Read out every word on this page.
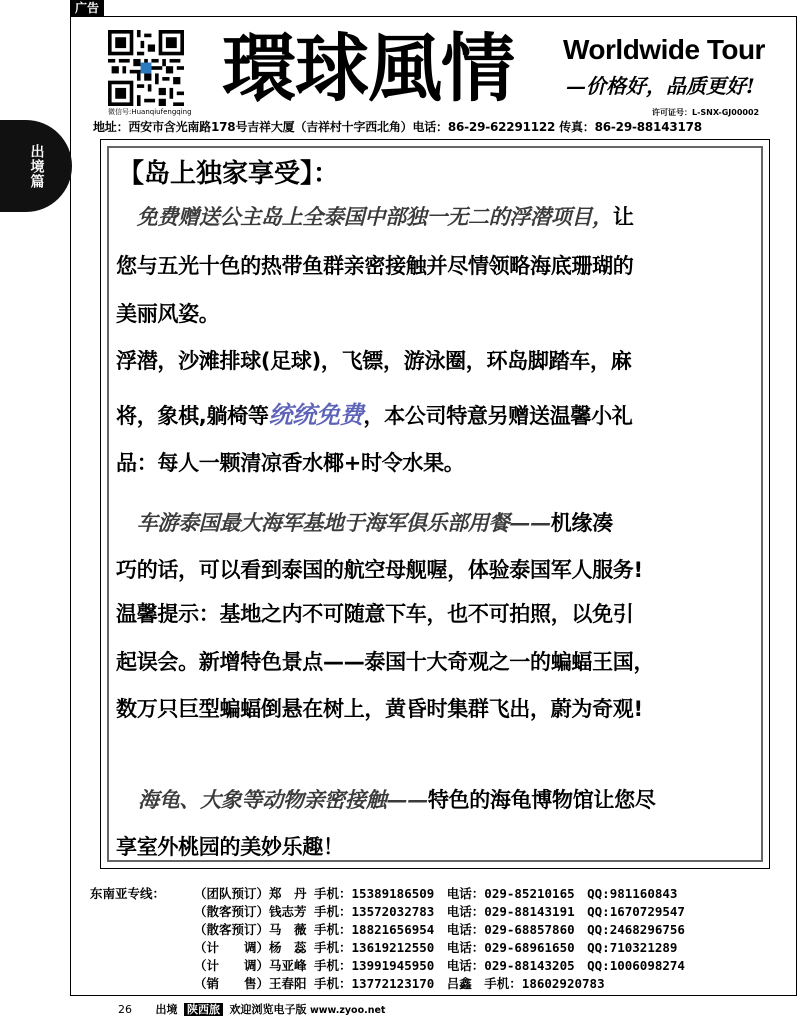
广告
出境篇
微信号:Huanqiufengqing 環球風情 Worldwide Tour
—价格好，品质更好!
许可证号：L-SNX-GJ00002
地址：西安市含光南路178号吉祥大厦（吉祥村十字西北角）电话：86-29-62291122 传真：86-29-88143178
【岛上独家享受】：
　免费赠送公主岛上全泰国中部独一无二的浮潜项目，让
您与五光十色的热带鱼群亲密接触并尽情领略海底珊瑚的
美丽风姿。
浮潜，沙滩排球(足球)，飞镖，游泳圈，环岛脚踏车，麻
将，象棋,躺椅等统统免费，本公司特意另赠送温馨小礼
品：每人一颗清凉香水椰+时令水果。
　车游泰国最大海军基地于海军俱乐部用餐——机缘凑
巧的话，可以看到泰国的航空母舰喔，体验泰国军人服务!
温馨提示：基地之内不可随意下车，也不可拍照，以免引
起误会。新增特色景点——泰国十大奇观之一的蝙蝠王国，
数万只巨型蝙蝠倒悬在树上，黄昏时集群飞出，蔚为奇观!
海龟、大象等动物亲密接触——特色的海龟博物馆让您尽
享室外桃园的美妙乐趣！
东南亚专线： （团队预订）郑　丹 手机：15389186509　电话：029-85210165　QQ:981160843
（散客预订）钱志芳 手机：13572032783　电话：029-88143191　QQ:1670729547
（散客预订）马　薇 手机：18821656954　电话：029-68857860　QQ:2468296756
（计　　调）杨　蕊 手机：13619212550　电话：029-68961650　QQ:710321289
（计　　调）马亚峰 手机：13991945950　电话：029-88143205　QQ:1006098274
（销　　售）王春阳 手机：13772123170　吕鑫　手机：18602920783
26 出境 陕西旅 欢迎浏览电子版 www.zyoo.net
